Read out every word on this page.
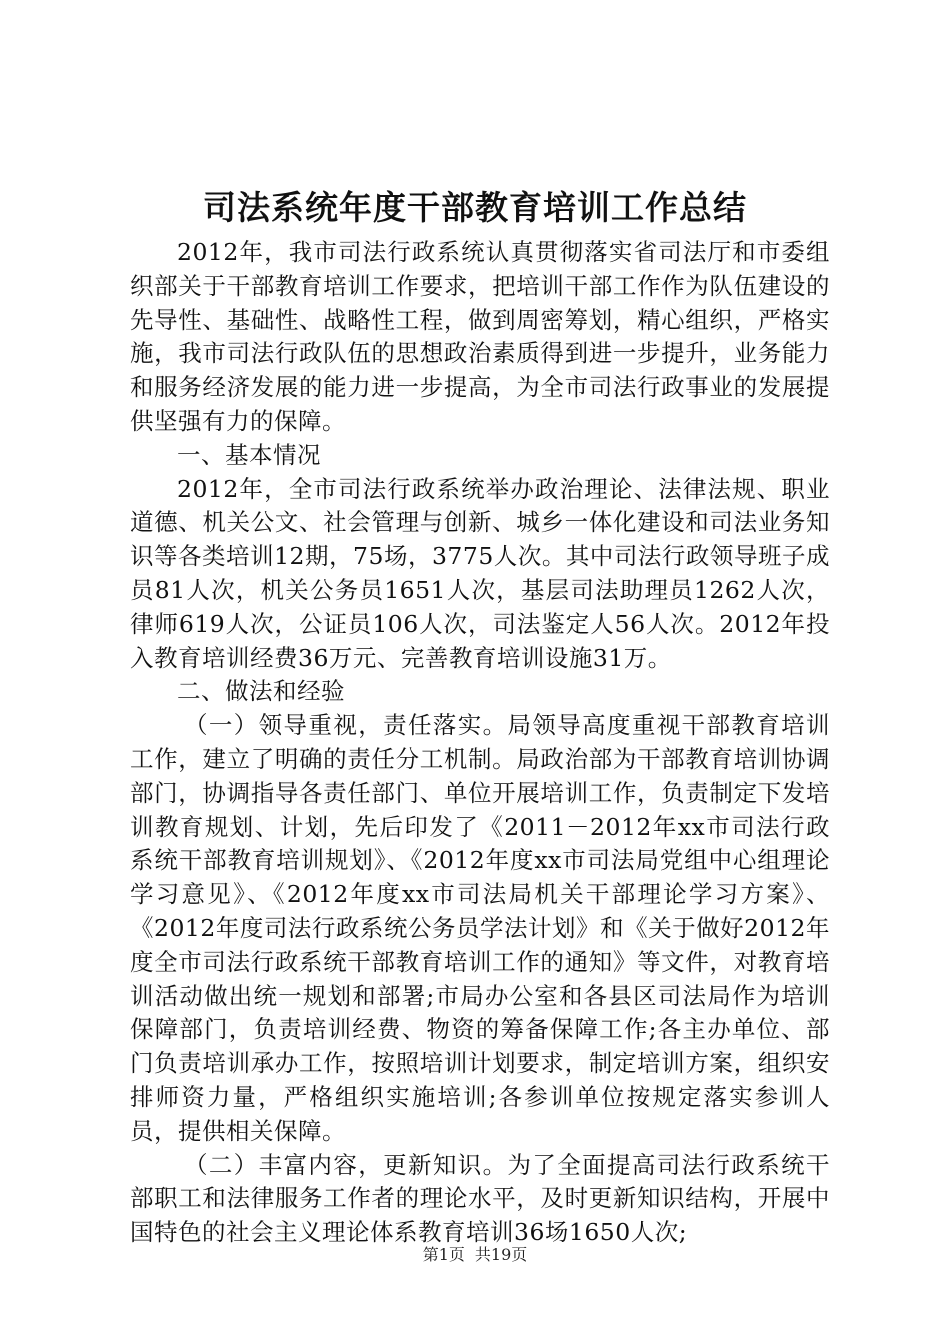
司法系统年度干部教育培训工作总结

2012年，我市司法行政系统认真贯彻落实省司法厅和市委组织部关于干部教育培训工作要求，把培训干部工作作为队伍建设的先导性、基础性、战略性工程，做到周密筹划，精心组织，严格实施，我市司法行政队伍的思想政治素质得到进一步提升，业务能力和服务经济发展的能力进一步提高，为全市司法行政事业的发展提供坚强有力的保障。

一、基本情况

2012年，全市司法行政系统举办政治理论、法律法规、职业道德、机关公文、社会管理与创新、城乡一体化建设和司法业务知识等各类培训12期，75场，3775人次。其中司法行政领导班子成员81人次，机关公务员1651人次，基层司法助理员1262人次，律师619人次，公证员106人次，司法鉴定人56人次。2012年投入教育培训经费36万元、完善教育培训设施31万。

二、做法和经验

（一）领导重视，责任落实。局领导高度重视干部教育培训工作，建立了明确的责任分工机制。局政治部为干部教育培训协调部门，协调指导各责任部门、单位开展培训工作，负责制定下发培训教育规划、计划，先后印发了《2011－2012年xx市司法行政系统干部教育培训规划》、《2012年度xx市司法局党组中心组理论学习意见》、《2012年度xx市司法局机关干部理论学习方案》、《2012年度司法行政系统公务员学法计划》和《关于做好2012年度全市司法行政系统干部教育培训工作的通知》等文件，对教育培训活动做出统一规划和部署;市局办公室和各县区司法局作为培训保障部门，负责培训经费、物资的筹备保障工作;各主办单位、部门负责培训承办工作，按照培训计划要求，制定培训方案，组织安排师资力量，严格组织实施培训;各参训单位按规定落实参训人员，提供相关保障。

（二）丰富内容，更新知识。为了全面提高司法行政系统干部职工和法律服务工作者的理论水平，及时更新知识结构，开展中国特色的社会主义理论体系教育培训36场1650人次;

第1页 共19页
